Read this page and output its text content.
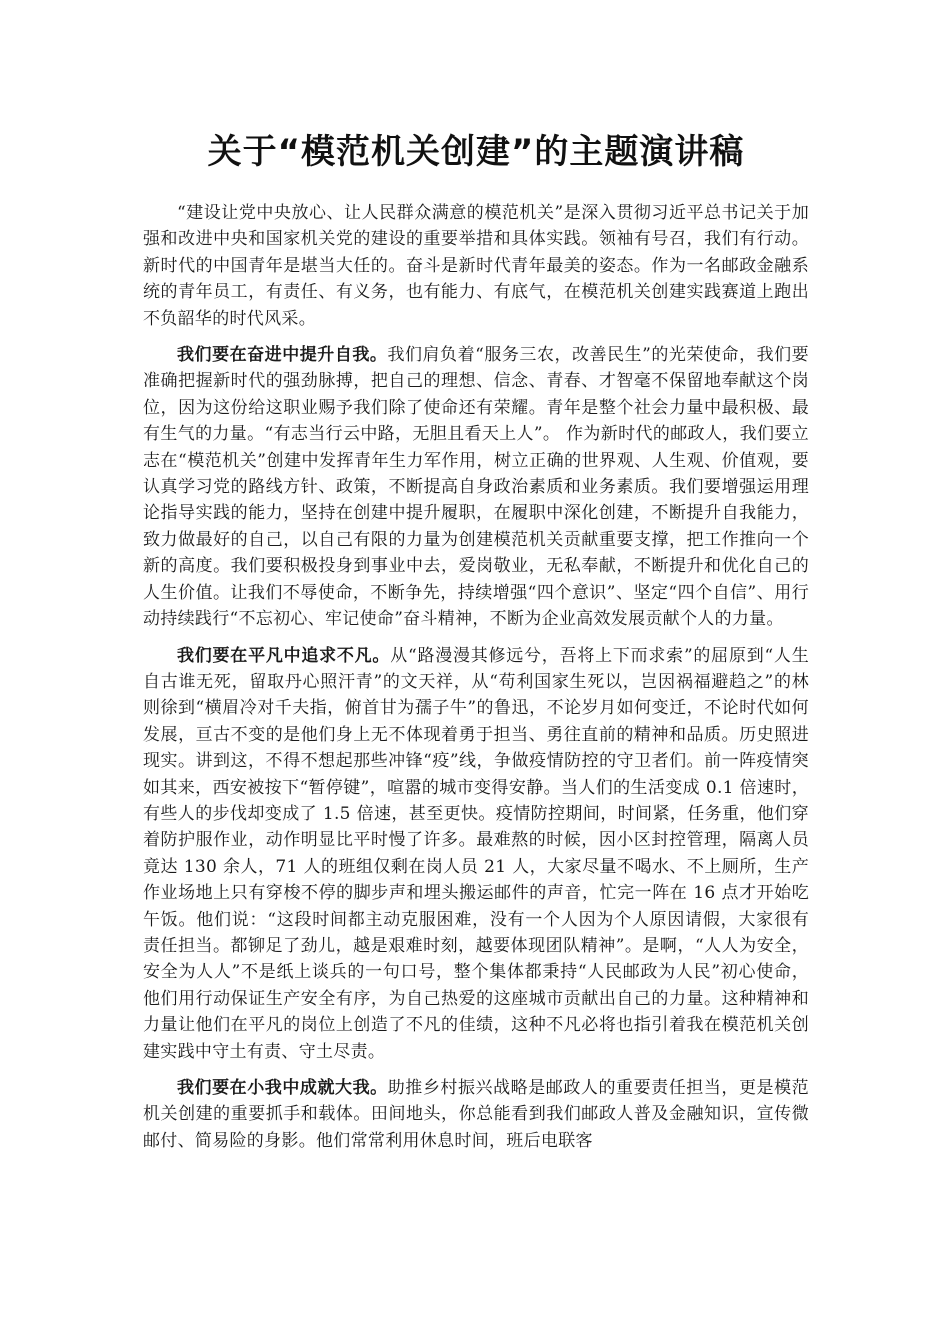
关于“模范机关创建”的主题演讲稿

“建设让党中央放心、让人民群众满意的模范机关”是深入贯彻习近平总书记关于加强和改进中央和国家机关党的建设的重要举措和具体实践。领袖有号召，我们有行动。新时代的中国青年是堪当大任的。奋斗是新时代青年最美的姿态。作为一名邮政金融系统的青年员工，有责任、有义务，也有能力、有底气，在模范机关创建实践赛道上跑出不负韶华的时代风采。

我们要在奋进中提升自我。我们肩负着“服务三农，改善民生”的光荣使命，我们要准确把握新时代的强劲脉搏，把自己的理想、信念、青春、才智毫不保留地奉献这个岗位，因为这份给这职业赐予我们除了使命还有荣耀。青年是整个社会力量中最积极、最有生气的力量。“有志当行云中路，无胆且看天上人”。 作为新时代的邮政人，我们要立志在“模范机关”创建中发挥青年生力军作用，树立正确的世界观、人生观、价值观，要认真学习党的路线方针、政策，不断提高自身政治素质和业务素质。我们要增强运用理论指导实践的能力，坚持在创建中提升履职，在履职中深化创建，不断提升自我能力，致力做最好的自己，以自己有限的力量为创建模范机关贡献重要支撑，把工作推向一个新的高度。我们要积极投身到事业中去，爱岗敬业，无私奉献，不断提升和优化自己的人生价值。让我们不辱使命，不断争先，持续增强“四个意识”、坚定“四个自信”、用行动持续践行“不忘初心、牢记使命”奋斗精神，不断为企业高效发展贡献个人的力量。

我们要在平凡中追求不凡。从“路漫漫其修远兮，吾将上下而求索”的屈原到“人生自古谁无死，留取丹心照汗青”的文天祥，从“苟利国家生死以，岂因祸福避趋之”的林则徐到“横眉冷对千夫指，俯首甘为孺子牛”的鲁迅，不论岁月如何变迁，不论时代如何发展，亘古不变的是他们身上无不体现着勇于担当、勇往直前的精神和品质。历史照进现实。讲到这，不得不想起那些冲锋“疫”线，争做疫情防控的守卫者们。前一阵疫情突如其来，西安被按下“暂停键”，喧嚣的城市变得安静。当人们的生活变成 0.1 倍速时，有些人的步伐却变成了 1.5 倍速，甚至更快。疫情防控期间，时间紧，任务重，他们穿着防护服作业，动作明显比平时慢了许多。最难熬的时候，因小区封控管理，隔离人员竟达 130 余人，71 人的班组仅剩在岗人员 21 人，大家尽量不喝水、不上厕所，生产作业场地上只有穿梭不停的脚步声和埋头搬运邮件的声音，忙完一阵在 16 点才开始吃午饭。他们说：“这段时间都主动克服困难，没有一个人因为个人原因请假，大家很有责任担当。都铆足了劲儿，越是艰难时刻，越要体现团队精神”。是啊，“人人为安全，安全为人人”不是纸上谈兵的一句口号，整个集体都秉持“人民邮政为人民”初心使命，他们用行动保证生产安全有序，为自己热爱的这座城市贡献出自己的力量。这种精神和力量让他们在平凡的岗位上创造了不凡的佳绩，这种不凡必将也指引着我在模范机关创建实践中守土有责、守土尽责。

我们要在小我中成就大我。助推乡村振兴战略是邮政人的重要责任担当，更是模范机关创建的重要抓手和载体。田间地头，你总能看到我们邮政人普及金融知识，宣传微邮付、简易险的身影。他们常常利用休息时间，班后电联客
